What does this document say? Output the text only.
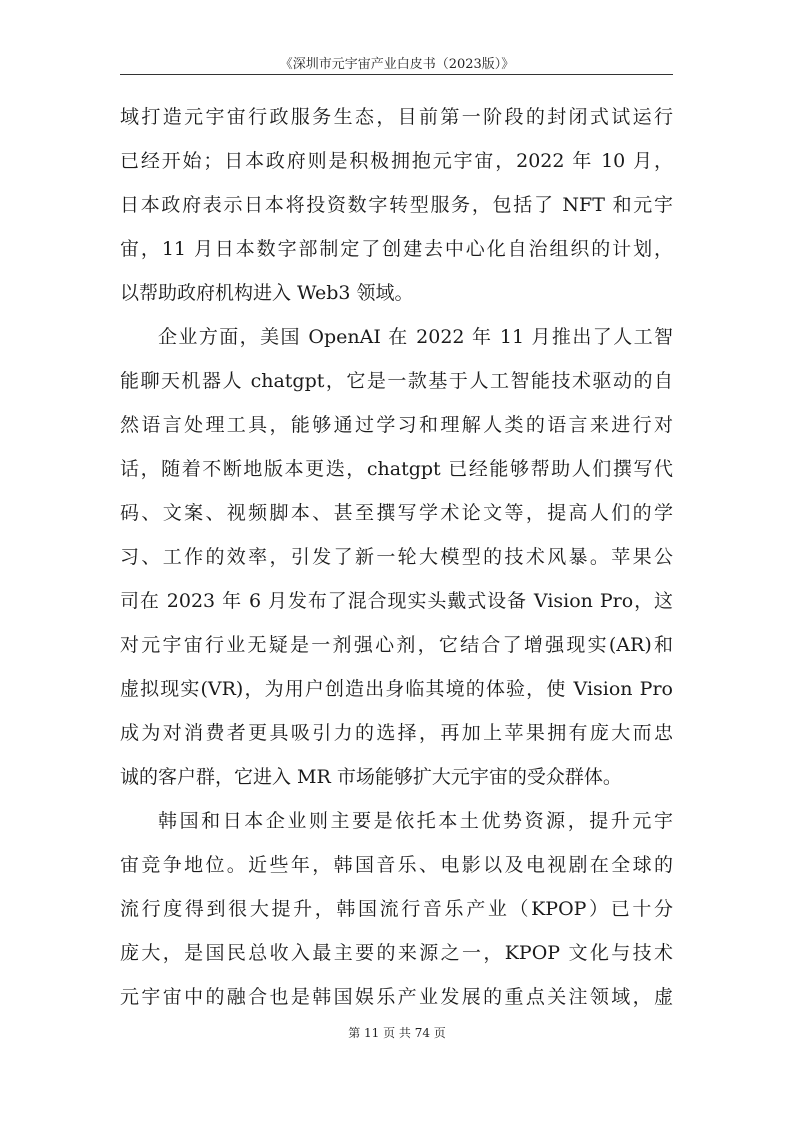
《深圳市元宇宙产业白皮书（2023版）》
域打造元宇宙行政服务生态，目前第一阶段的封闭式试运行
已经开始；日本政府则是积极拥抱元宇宙，2022 年 10 月，
日本政府表示日本将投资数字转型服务，包括了 NFT 和元宇
宙，11 月日本数字部制定了创建去中心化自治组织的计划，
以帮助政府机构进入 Web3 领域。
企业方面，美国 OpenAI 在 2022 年 11 月推出了人工智
能聊天机器人 chatgpt，它是一款基于人工智能技术驱动的自
然语言处理工具，能够通过学习和理解人类的语言来进行对
话，随着不断地版本更迭，chatgpt 已经能够帮助人们撰写代
码、文案、视频脚本、甚至撰写学术论文等，提高人们的学
习、工作的效率，引发了新一轮大模型的技术风暴。苹果公
司在 2023 年 6 月发布了混合现实头戴式设备 Vision Pro，这
对元宇宙行业无疑是一剂强心剂，它结合了增强现实(AR)和
虚拟现实(VR)，为用户创造出身临其境的体验，使 Vision Pro
成为对消费者更具吸引力的选择，再加上苹果拥有庞大而忠
诚的客户群，它进入 MR 市场能够扩大元宇宙的受众群体。
韩国和日本企业则主要是依托本土优势资源，提升元宇
宙竞争地位。近些年，韩国音乐、电影以及电视剧在全球的
流行度得到很大提升，韩国流行音乐产业（KPOP）已十分
庞大，是国民总收入最主要的来源之一，KPOP 文化与技术
元宇宙中的融合也是韩国娱乐产业发展的重点关注领域，虚
第 11 页 共 74 页
